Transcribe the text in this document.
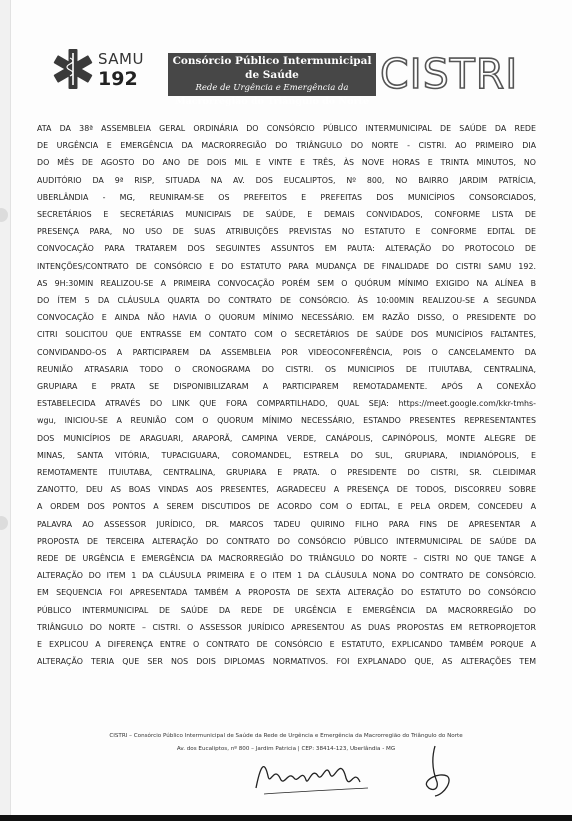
SAMU
192
Consórcio Público Intermunicipal de Saúde
Rede de Urgência e Emergência da
Macrorregião do Triângulo do Norte
CISTRI
ATA DA 38ª ASSEMBLEIA GERAL ORDINÁRIA DO CONSÓRCIO PÚBLICO INTERMUNICIPAL DE SAÚDE DA REDE
DE URGÊNCIA E EMERGÊNCIA DA MACRORREGIÃO DO TRIÂNGULO DO NORTE - CISTRI. AO PRIMEIRO DIA
DO MÊS DE AGOSTO DO ANO DE DOIS MIL E VINTE E TRÊS, ÀS NOVE HORAS E TRINTA MINUTOS, NO
AUDITÓRIO DA 9ª RISP, SITUADA NA AV. DOS EUCALIPTOS, Nº 800, NO BAIRRO JARDIM PATRÍCIA,
UBERLÂNDIA - MG, REUNIRAM-SE OS PREFEITOS E PREFEITAS DOS MUNICÍPIOS CONSORCIADOS,
SECRETÁRIOS E SECRETÁRIAS MUNICIPAIS DE SAÚDE, E DEMAIS CONVIDADOS, CONFORME LISTA DE
PRESENÇA PARA, NO USO DE SUAS ATRIBUIÇÕES PREVISTAS NO ESTATUTO E CONFORME EDITAL DE
CONVOCAÇÃO PARA TRATAREM DOS SEGUINTES ASSUNTOS EM PAUTA: ALTERAÇÃO DO PROTOCOLO DE
INTENÇÕES/CONTRATO DE CONSÓRCIO E DO ESTATUTO PARA MUDANÇA DE FINALIDADE DO CISTRI SAMU 192.
AS 9H:30MIN REALIZOU-SE A PRIMEIRA CONVOCAÇÃO PORÉM SEM O QUÓRUM MÍNIMO EXIGIDO NA ALÍNEA B
DO ÍTEM 5 DA CLÁUSULA QUARTA DO CONTRATO DE CONSÓRCIO. ÀS 10:00MIN REALIZOU-SE A SEGUNDA
CONVOCAÇÃO E AINDA NÃO HAVIA O QUORUM MÍNIMO NECESSÁRIO. EM RAZÃO DISSO, O PRESIDENTE DO
CITRI SOLICITOU QUE ENTRASSE EM CONTATO COM O SECRETÁRIOS DE SAÚDE DOS MUNICÍPIOS FALTANTES,
CONVIDANDO-OS A PARTICIPAREM DA ASSEMBLEIA POR VIDEOCONFERÊNCIA, POIS O CANCELAMENTO DA
REUNIÃO ATRASARIA TODO O CRONOGRAMA DO CISTRI. OS MUNICIPIOS DE ITUIUTABA, CENTRALINA,
GRUPIARA E PRATA SE DISPONIBILIZARAM A PARTICIPAREM REMOTADAMENTE. APÓS A CONEXÃO
ESTABELECIDA ATRAVÉS DO LINK QUE FORA COMPARTILHADO, QUAL SEJA: https://meet.google.com/kkr-tmhs-
wgu, INICIOU-SE A REUNIÃO COM O QUORUM MÍNIMO NECESSÁRIO, ESTANDO PRESENTES REPRESENTANTES
DOS MUNICÍPIOS DE ARAGUARI, ARAPORÃ, CAMPINA VERDE, CANÁPOLIS, CAPINÓPOLIS, MONTE ALEGRE DE
MINAS, SANTA VITÓRIA, TUPACIGUARA, COROMANDEL, ESTRELA DO SUL, GRUPIARA, INDIANÓPOLIS, E
REMOTAMENTE ITUIUTABA, CENTRALINA, GRUPIARA E PRATA. O PRESIDENTE DO CISTRI, SR. CLEIDIMAR
ZANOTTO, DEU AS BOAS VINDAS AOS PRESENTES, AGRADECEU A PRESENÇA DE TODOS, DISCORREU SOBRE
A ORDEM DOS PONTOS A SEREM DISCUTIDOS DE ACORDO COM O EDITAL, E PELA ORDEM, CONCEDEU A
PALAVRA AO ASSESSOR JURÍDICO, DR. MARCOS TADEU QUIRINO FILHO PARA FINS DE APRESENTAR A
PROPOSTA DE TERCEIRA ALTERAÇÃO DO CONTRATO DO CONSÓRCIO PÚBLICO INTERMUNICIPAL DE SAÚDE DA
REDE DE URGÊNCIA E EMERGÊNCIA DA MACRORREGIÃO DO TRIÂNGULO DO NORTE – CISTRI NO QUE TANGE A
ALTERAÇÃO DO ITEM 1 DA CLÁUSULA PRIMEIRA E O ITEM 1 DA CLÁUSULA NONA DO CONTRATO DE CONSÓRCIO.
EM SEQUENCIA FOI APRESENTADA TAMBÉM A PROPOSTA DE SEXTA ALTERAÇÃO DO ESTATUTO DO CONSÓRCIO
PÚBLICO INTERMUNICIPAL DE SAÚDE DA REDE DE URGÊNCIA E EMERGÊNCIA DA MACRORREGIÃO DO
TRIÂNGULO DO NORTE – CISTRI. O ASSESSOR JURÍDICO APRESENTOU AS DUAS PROPOSTAS EM RETROPROJETOR
E EXPLICOU A DIFERENÇA ENTRE O CONTRATO DE CONSÓRCIO E ESTATUTO, EXPLICANDO TAMBÉM PORQUE A
ALTERAÇÃO TERIA QUE SER NOS DOIS DIPLOMAS NORMATIVOS. FOI EXPLANADO QUE, AS ALTERAÇÕES TEM
CISTRI – Consórcio Público Intermunicipal de Saúde da Rede de Urgência e Emergência da Macrorregião do Triângulo do Norte
Av. dos Eucaliptos, nº 800 – Jardim Patricia | CEP: 38414-123, Uberlândia - MG
